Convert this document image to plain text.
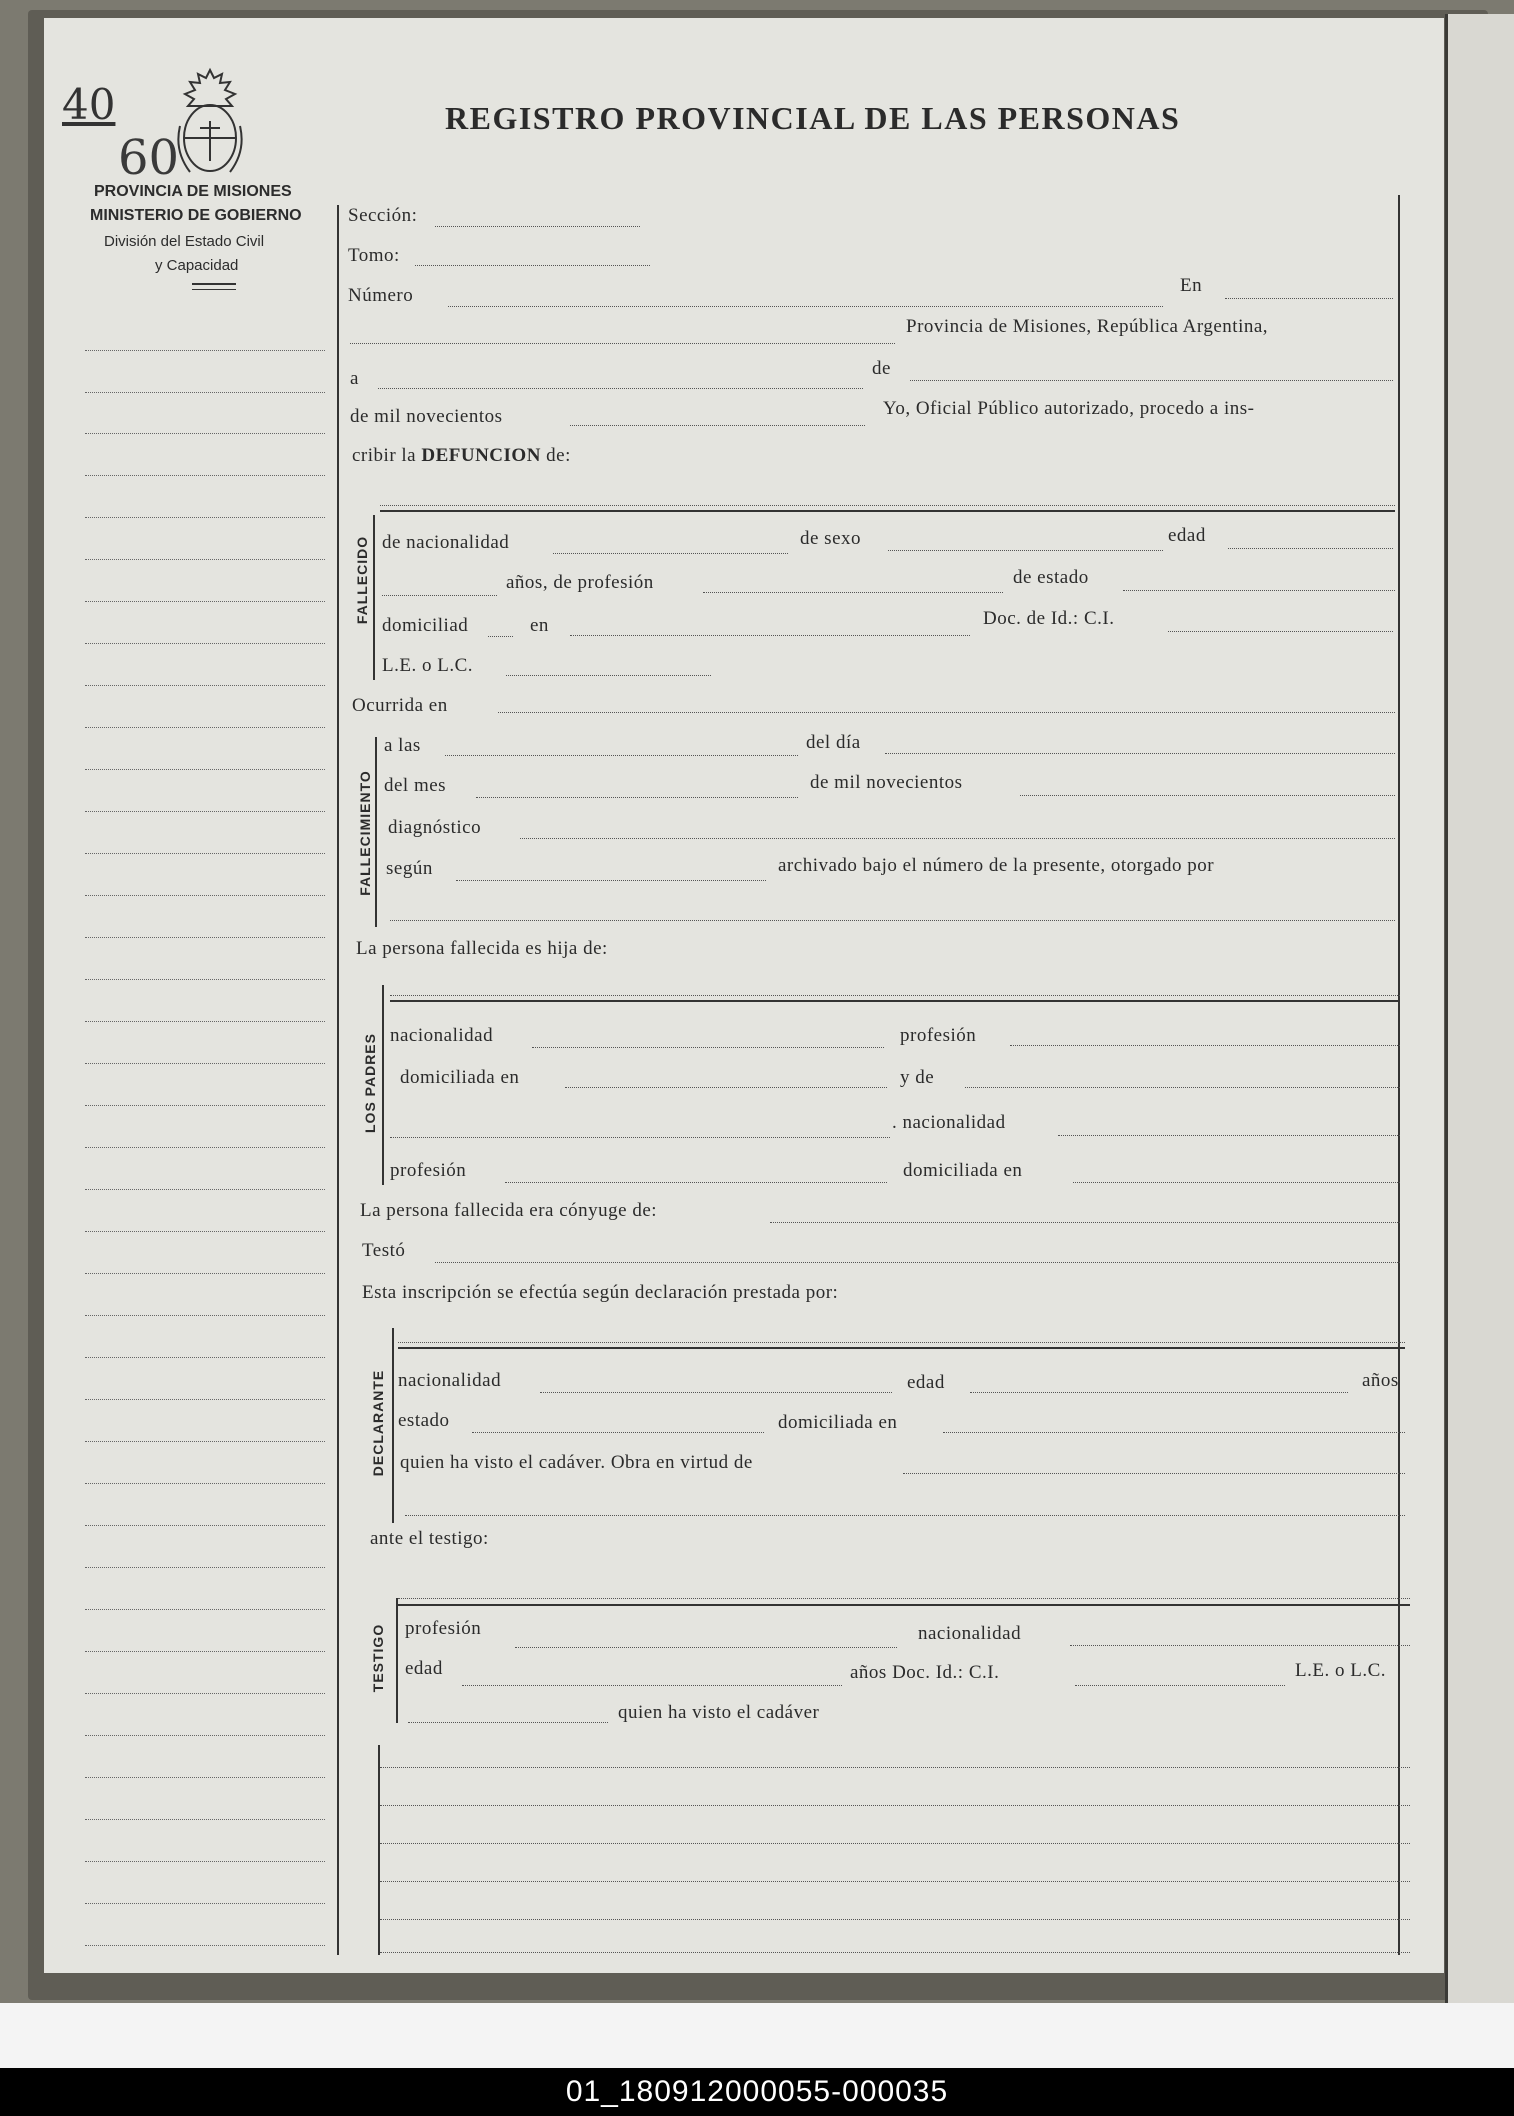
40
60
PROVINCIA DE MISIONES
MINISTERIO DE GOBIERNO
División del Estado Civil
y Capacidad
REGISTRO PROVINCIAL DE LAS PERSONAS
Sección:
Tomo:
Número	En
Provincia de Misiones, República Argentina,
a	de
de mil novecientos	Yo, Oficial Público autorizado, procedo a ins-
cribir la DEFUNCION de:
FALLECIDO de nacionalidad	de sexo	edad
años, de profesión	de estado
domiciliad	en	Doc. de Id.: C.I.
L.E. o L.C.
Ocurrida en
FALLECIMIENTO
a las	del día
del mes	de mil novecientos
diagnóstico
según	archivado bajo el número de la presente, otorgado por
La persona fallecida es hija de:
LOS PADRES nacionalidad	profesión
domiciliada en	y de
. nacionalidad
profesión	domiciliada en
La persona fallecida era cónyuge de:
Testó
Esta inscripción se efectúa según declaración prestada por:
DECLARANTE nacionalidad	edad	años
estado	domiciliada en
quien ha visto el cadáver. Obra en virtud de
ante el testigo:
TESTIGO profesión	nacionalidad
edad	años Doc. Id.: C.I.	L.E. o L.C.
quien ha visto el cadáver
01_180912000055-000035
